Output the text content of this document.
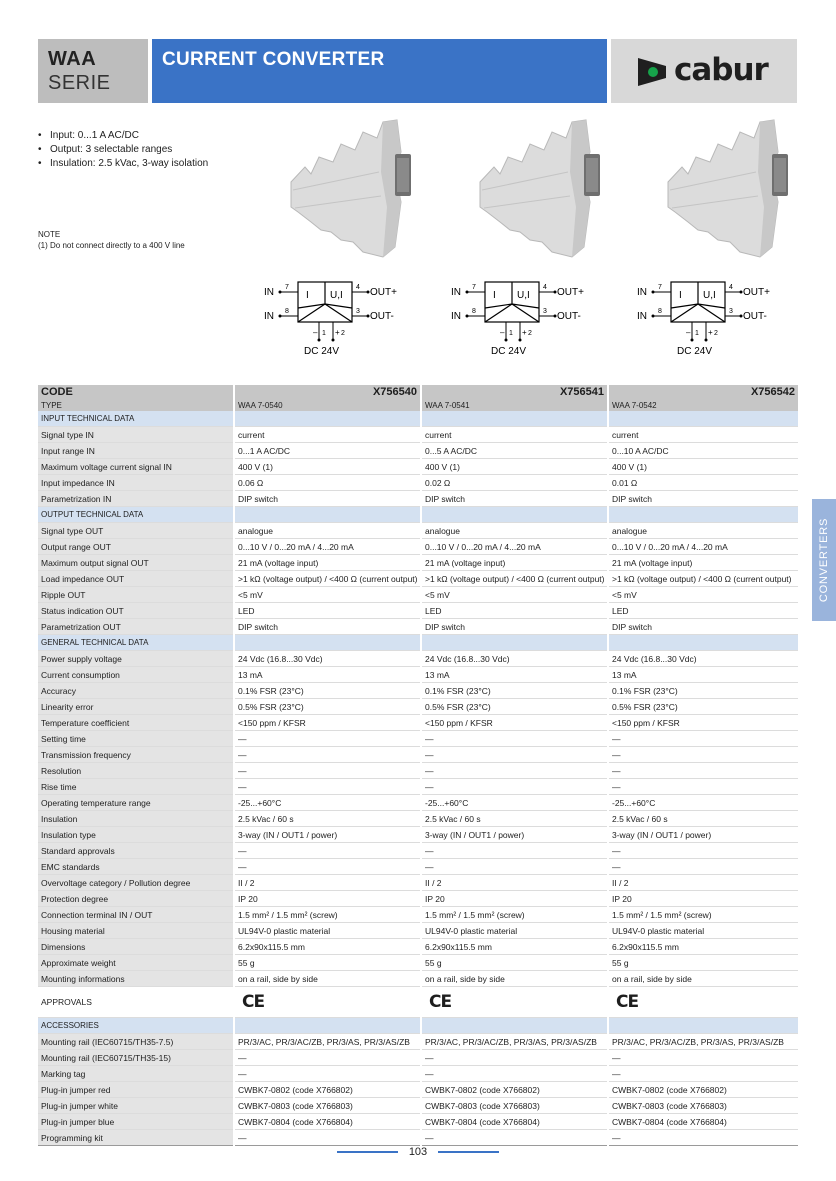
WAA
SERIE
CURRENT CONVERTER	cabur
• Input: 0...1 A AC/DC
• Output: 3 selectable ranges
• Insulation: 2.5 kVac, 3-way isolation
NOTE
(1) Do not connect directly to a 400 V line
IN
IN
7
8
I U,I
4
3
OUT+
OUT-
– 1 + 2
DC 24V
IN
IN
7
8
I U,I
4
3
OUT+
OUT-
– 1 + 2
DC 24V
IN
IN
7
8
I U,I
4
3
OUT+
OUT-
– 1 + 2
DC 24V
CODE	X756540	X756541	X756542
TYPE	WAA 7-0540	WAA 7-0541	WAA 7-0542
INPUT TECHNICAL DATA			
Signal type IN	current	current	current
Input range IN	0...1 A AC/DC	0...5 A AC/DC	0...10 A AC/DC
Maximum voltage current signal IN	400 V (1)	400 V (1)	400 V (1)
Input impedance IN	0.06 Ω	0.02 Ω	0.01 Ω
Parametrization IN	DIP switch	DIP switch	DIP switch
OUTPUT TECHNICAL DATA			
Signal type OUT	analogue	analogue	analogue
Output range OUT	0...10 V / 0...20 mA / 4...20 mA	0...10 V / 0...20 mA / 4...20 mA	0...10 V / 0...20 mA / 4...20 mA
Maximum output signal OUT	21 mA (voltage input)	21 mA (voltage input)	21 mA (voltage input)
Load impedance OUT	>1 kΩ (voltage output) / <400 Ω (current output)	>1 kΩ (voltage output) / <400 Ω (current output)	>1 kΩ (voltage output) / <400 Ω (current output)
Ripple OUT	<5 mV	<5 mV	<5 mV
Status indication OUT	LED	LED	LED
Parametrization OUT	DIP switch	DIP switch	DIP switch
GENERAL TECHNICAL DATA			
Power supply voltage	24 Vdc (16.8...30 Vdc)	24 Vdc (16.8...30 Vdc)	24 Vdc (16.8...30 Vdc)
Current consumption	13 mA	13 mA	13 mA
Accuracy	0.1% FSR (23°C)	0.1% FSR (23°C)	0.1% FSR (23°C)
Linearity error	0.5% FSR (23°C)	0.5% FSR (23°C)	0.5% FSR (23°C)
Temperature coefficient	<150 ppm / KFSR	<150 ppm / KFSR	<150 ppm / KFSR
Setting time	—	—	—
Transmission frequency	—	—	—
Resolution	—	—	—
Rise time	—	—	—
Operating temperature range	-25...+60°C	-25...+60°C	-25...+60°C
Insulation	2.5 kVac / 60 s	2.5 kVac / 60 s	2.5 kVac / 60 s
Insulation type	3-way (IN / OUT1 / power)	3-way (IN / OUT1 / power)	3-way (IN / OUT1 / power)
Standard approvals	—	—	—
EMC standards	—	—	—
Overvoltage category / Pollution degree	II / 2	II / 2	II / 2
Protection degree	IP 20	IP 20	IP 20
Connection terminal IN / OUT	1.5 mm² / 1.5 mm² (screw)	1.5 mm² / 1.5 mm² (screw)	1.5 mm² / 1.5 mm² (screw)
Housing material	UL94V-0 plastic material	UL94V-0 plastic material	UL94V-0 plastic material
Dimensions	6.2x90x115.5 mm	6.2x90x115.5 mm	6.2x90x115.5 mm
Approximate weight	55 g	55 g	55 g
Mounting informations	on a rail, side by side	on a rail, side by side	on a rail, side by side
APPROVALS	CE	CE	CE
ACCESSORIES			
Mounting rail (IEC60715/TH35-7.5)	PR/3/AC, PR/3/AC/ZB, PR/3/AS, PR/3/AS/ZB	PR/3/AC, PR/3/AC/ZB, PR/3/AS, PR/3/AS/ZB	PR/3/AC, PR/3/AC/ZB, PR/3/AS, PR/3/AS/ZB
Mounting rail (IEC60715/TH35-15)	—	—	—
Marking tag	—	—	—
Plug-in jumper red	CWBK7-0802 (code X766802)	CWBK7-0802 (code X766802)	CWBK7-0802 (code X766802)
Plug-in jumper white	CWBK7-0803 (code X766803)	CWBK7-0803 (code X766803)	CWBK7-0803 (code X766803)
Plug-in jumper blue	CWBK7-0804 (code X766804)	CWBK7-0804 (code X766804)	CWBK7-0804 (code X766804)
Programming kit	—	—	—
CONVERTERS
103
